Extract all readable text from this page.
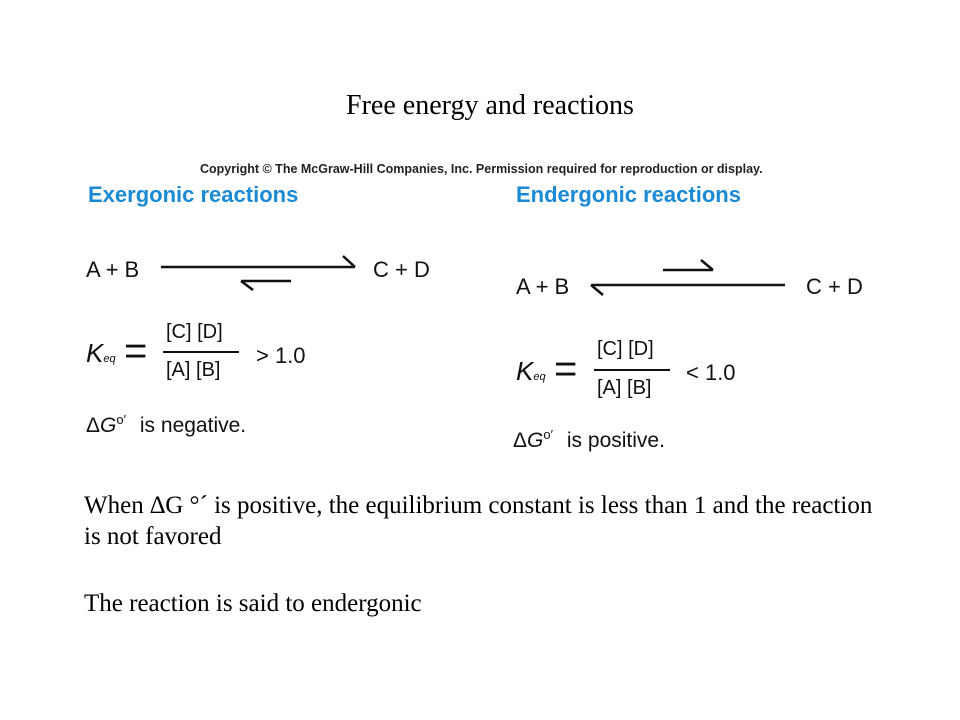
Free energy and reactions
Copyright © The McGraw-Hill Companies, Inc. Permission required for reproduction or display.
Exergonic reactions
A + B	C + D
Keq = [C] [D]
[A] [B]
> 1.0
$\Delta G^{o'}$ is negative.
Endergonic reactions
A + B	C + D
Keq = [C] [D]
[A] [B]
< 1.0
$\Delta G^{o'}$ is positive.
When ∆G °´ is positive, the equilibrium constant is less than 1 and the reaction is not favored
The reaction is said to endergonic
